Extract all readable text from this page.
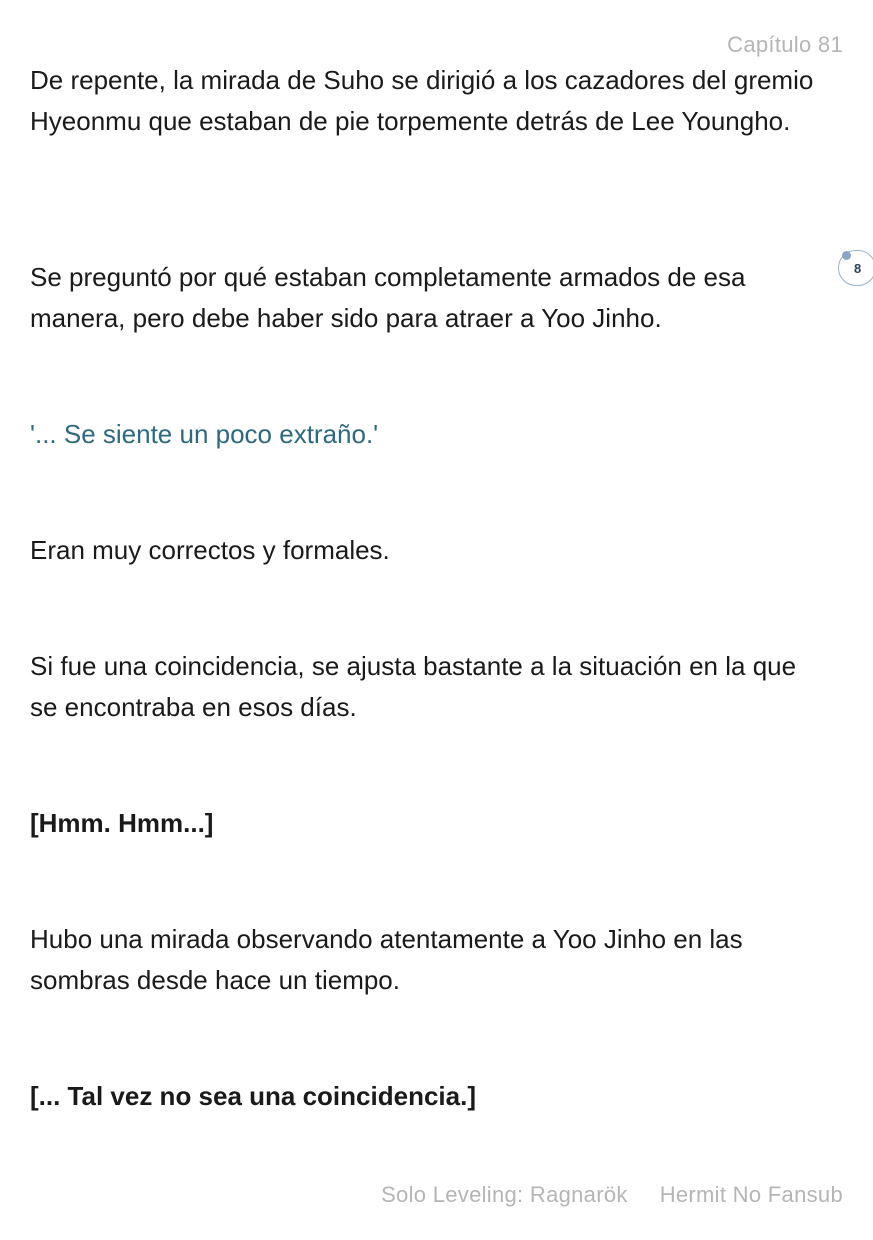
Capítulo 81

De repente, la mirada de Suho se dirigió a los cazadores del gremio Hyeonmu que estaban de pie torpemente detrás de Lee Youngho.

Se preguntó por qué estaban completamente armados de esa manera, pero debe haber sido para atraer a Yoo Jinho.

'... Se siente un poco extraño.'

Eran muy correctos y formales.

Si fue una coincidencia, se ajusta bastante a la situación en la que se encontraba en esos días.

[Hmm. Hmm...]

Hubo una mirada observando atentamente a Yoo Jinho en las sombras desde hace un tiempo.

[... Tal vez no sea una coincidencia.]

8
Solo Leveling: Ragnarök Hermit No Fansub
